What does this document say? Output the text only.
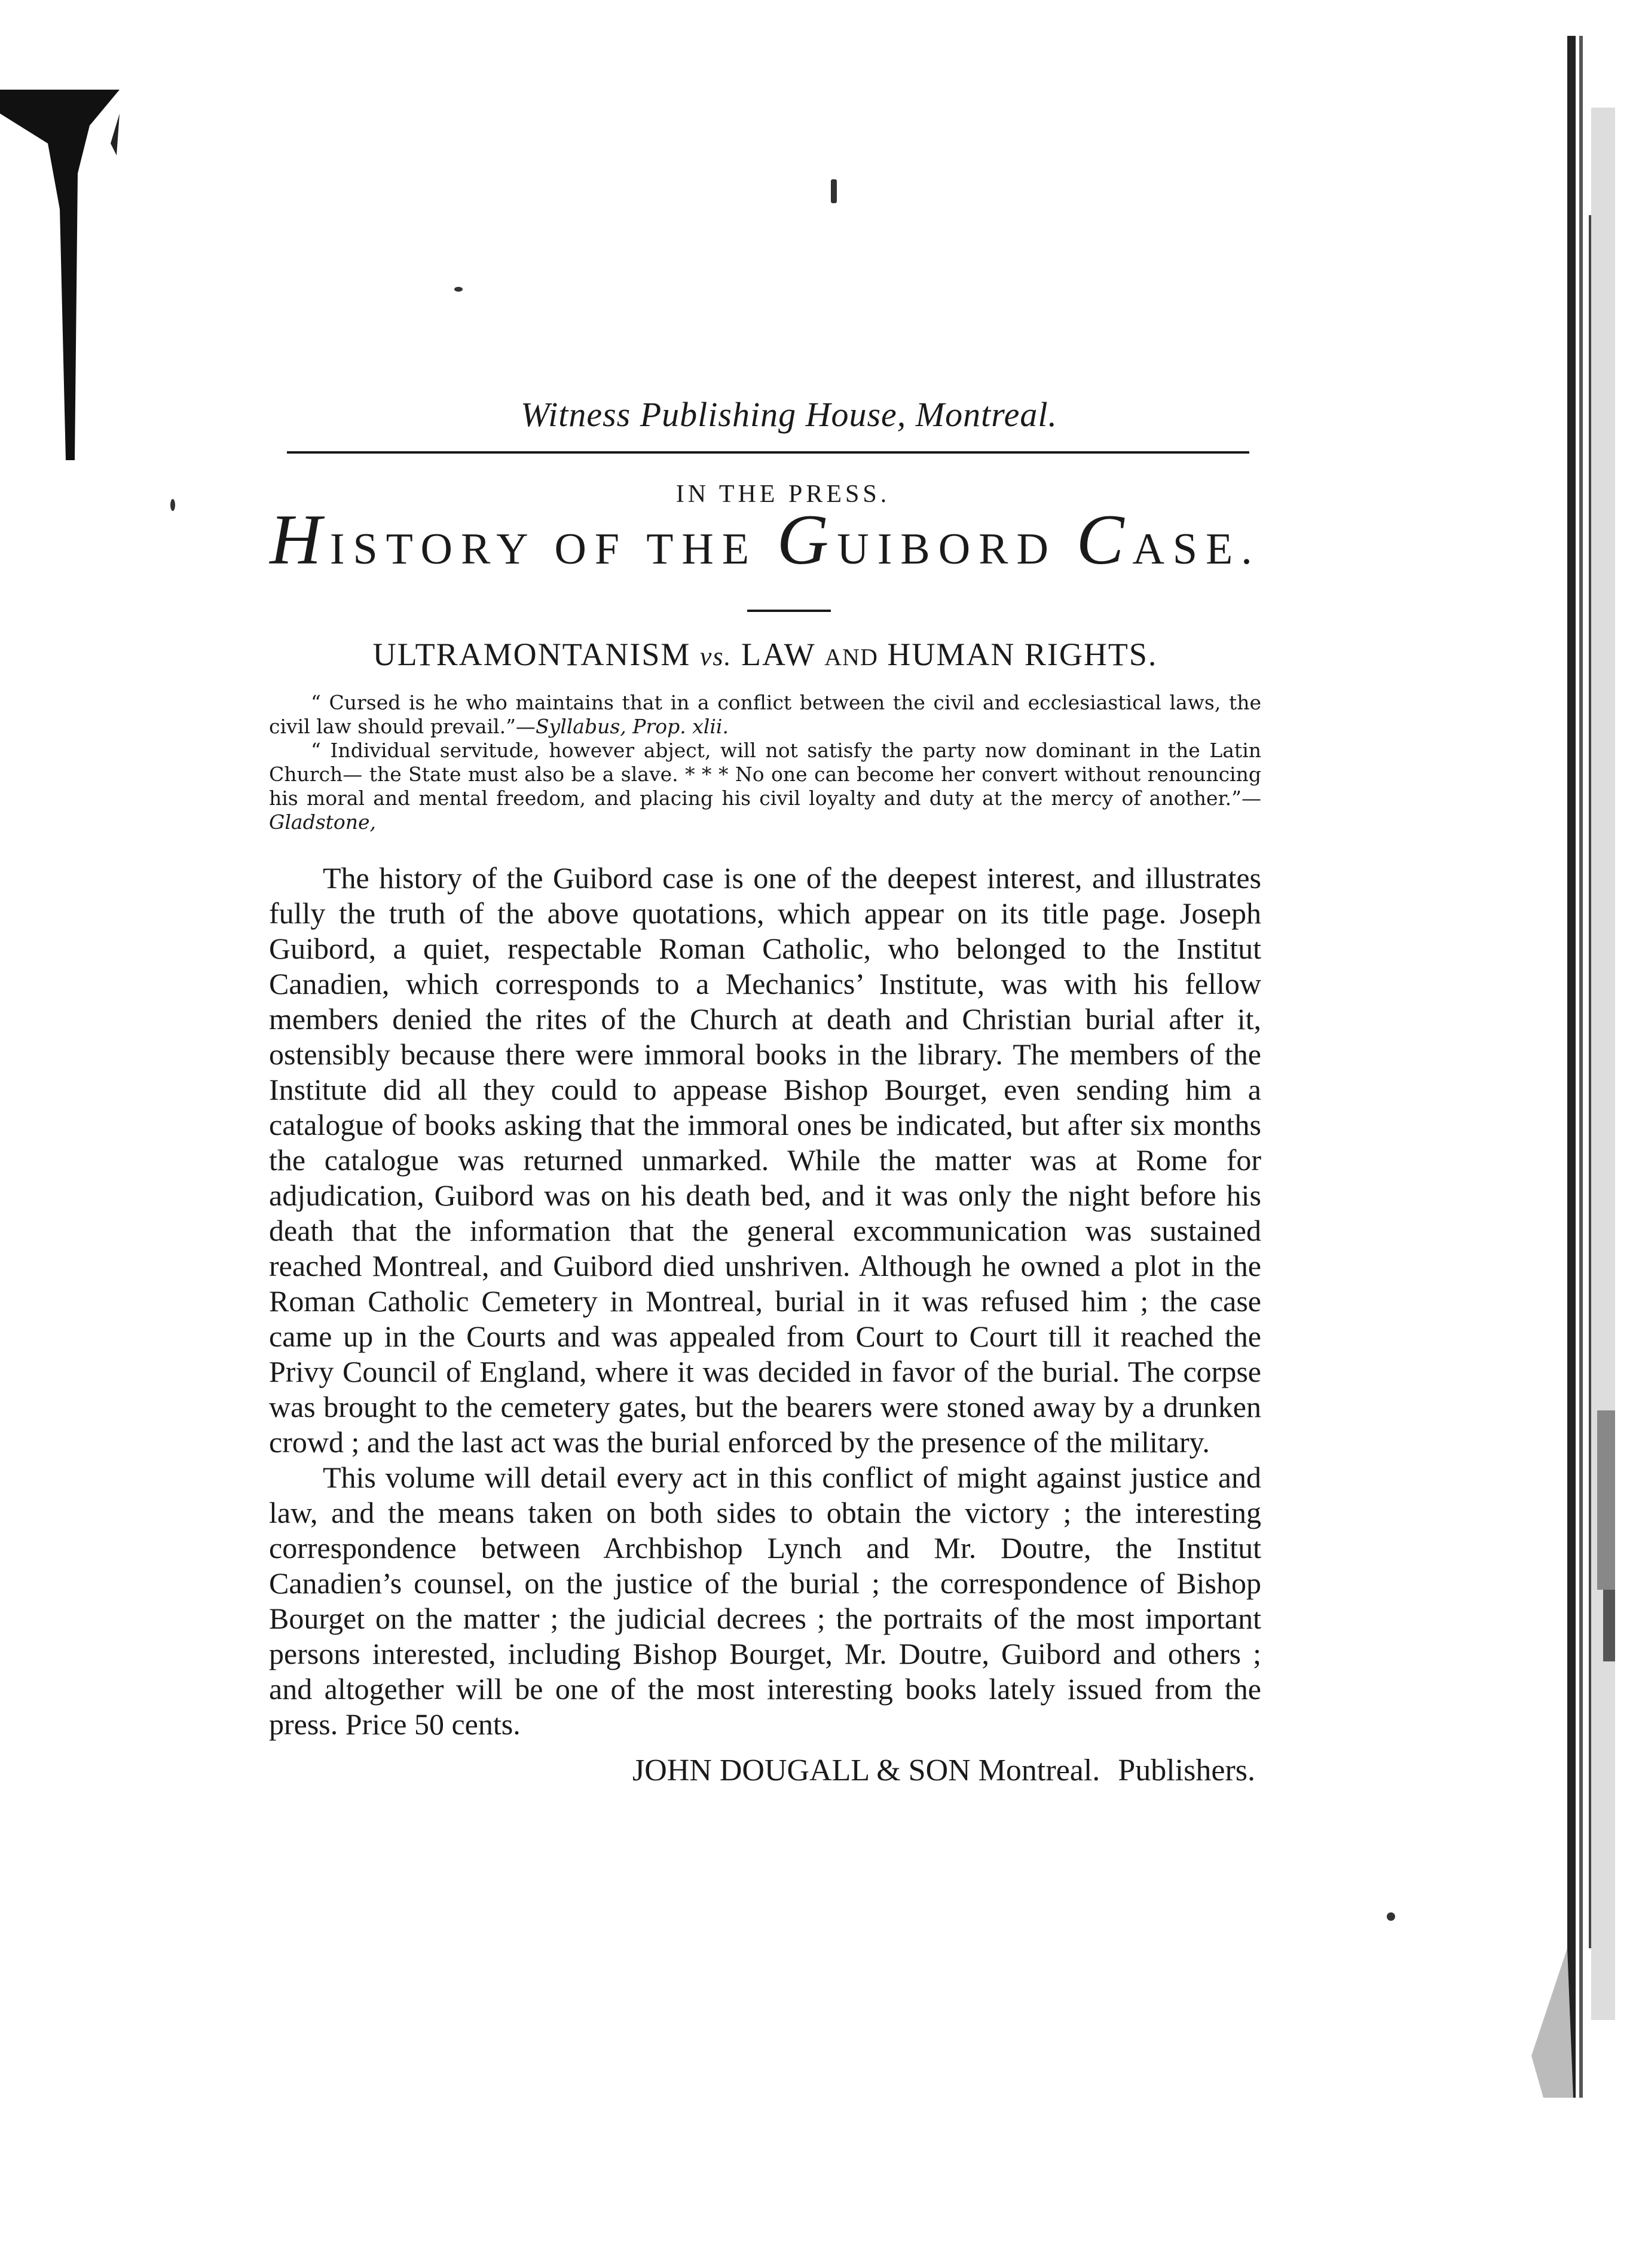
Witness Publishing House, Montreal.
IN THE PRESS.
HISTORY OF THE GUIBORD CASE.
ULTRAMONTANISM vs. LAW AND HUMAN RIGHTS.

“ Cursed is he who maintains that in a conflict between the civil and ecclesiastical laws, the civil law should prevail.”—Syllabus, Prop. xlii.

“ Individual servitude, however abject, will not satisfy the party now dominant in the Latin Church— the State must also be a slave. * * * No one can become her convert without renouncing his moral and mental freedom, and placing his civil loyalty and duty at the mercy of another.”—Gladstone,

The history of the Guibord case is one of the deepest interest, and illustrates fully the truth of the above quotations, which appear on its title page. Joseph Guibord, a quiet, respectable Roman Catholic, who belonged to the Institut Canadien, which corresponds to a Mechanics’ Institute, was with his fellow members denied the rites of the Church at death and Christian burial after it, ostensibly because there were immoral books in the library. The members of the Institute did all they could to appease Bishop Bourget, even sending him a catalogue of books asking that the immoral ones be indicated, but after six months the catalogue was returned unmarked. While the matter was at Rome for adjudication, Guibord was on his death bed, and it was only the night before his death that the information that the general excommunication was sustained reached Montreal, and Guibord died unshriven. Although he owned a plot in the Roman Catholic Cemetery in Montreal, burial in it was refused him ; the case came up in the Courts and was appealed from Court to Court till it reached the Privy Council of England, where it was decided in favor of the burial. The corpse was brought to the cemetery gates, but the bearers were stoned away by a drunken crowd ; and the last act was the burial enforced by the presence of the military.

This volume will detail every act in this conflict of might against justice and law, and the means taken on both sides to obtain the victory ; the interesting correspondence between Archbishop Lynch and Mr. Doutre, the Institut Canadien’s counsel, on the justice of the burial ; the correspondence of Bishop Bourget on the matter ; the judicial decrees ; the portraits of the most important persons interested, including Bishop Bourget, Mr. Doutre, Guibord and others ; and altogether will be one of the most interesting books lately issued from the press. Price 50 cents.

JOHN DOUGALL & SON Montreal. Publishers.
